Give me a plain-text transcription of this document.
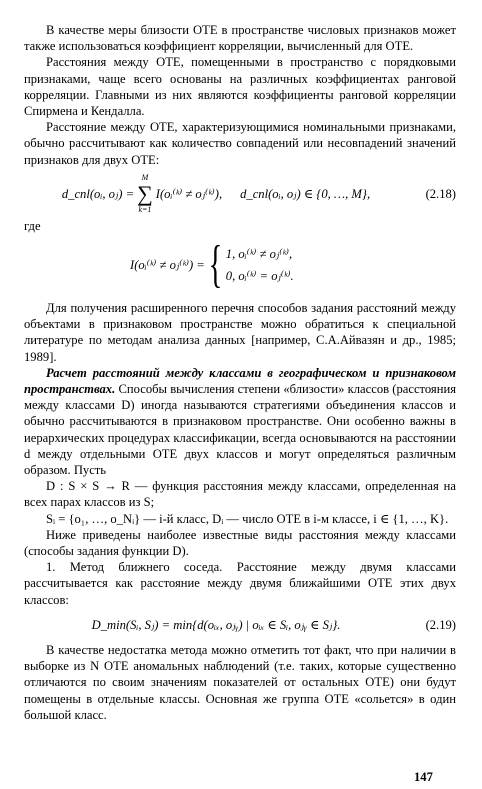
В качестве меры близости ОТЕ в пространстве числовых признаков может также использоваться коэффициент корреляции, вычисленный для ОТЕ.

Расстояния между ОТЕ, помещенными в пространство с порядковыми признаками, чаще всего основаны на различных коэффициентах ранговой корреляции. Главными из них являются коэффициенты ранговой корреляции Спирмена и Кендалла.

Расстояние между ОТЕ, характеризующимися номинальными признаками, обычно рассчитывают как количество совпадений или несовпадений значений признаков для двух ОТЕ:

d_cnl(oᵢ, oⱼ) =
M
∑
k=1
I(oᵢ⁽ᵏ⁾ ≠ oⱼ⁽ᵏ⁾), d_cnl(oᵢ, oⱼ) ∈ {0, …, M},	(2.18)

где

I(oᵢ⁽ᵏ⁾ ≠ oⱼ⁽ᵏ⁾) = { 1, oᵢ⁽ᵏ⁾ ≠ oⱼ⁽ᵏ⁾,
0, oᵢ⁽ᵏ⁾ = oⱼ⁽ᵏ⁾.

Для получения расширенного перечня способов задания расстояний между объектами в признаковом пространстве можно обратиться к специальной литературе по методам анализа данных [например, С.А.Айвазян и др., 1985; 1989].

Расчет расстояний между классами в географическом и признаковом пространствах. Способы вычисления степени «близости» классов (расстояния между классами D) иногда называются стратегиями объединения классов и обычно рассчитываются в признаковом пространстве. Они особенно важны в иерархических процедурах классификации, всегда основываются на расстоянии d между отдельными ОТЕ двух классов и могут определяться различным образом. Пусть

D : S × S → R — функция расстояния между классами, определенная на всех парах классов из S;

Sᵢ = {o₁, …, o_Nᵢ} — i-й класс, Dᵢ — число ОТЕ в i-м классе, i ∈ {1, …, K}.

Ниже приведены наиболее известные виды расстояния между классами (способы задания функции D).

1. Метод ближнего соседа. Расстояние между двумя классами рассчитывается как расстояние между двумя ближайшими ОТЕ этих двух классов:

D_min(Sᵢ, Sⱼ) = min{d(oᵢₓ, oⱼᵧ) | oᵢₓ ∈ Sᵢ, oⱼᵧ ∈ Sⱼ}.	(2.19)

В качестве недостатка метода можно отметить тот факт, что при наличии в выборке из N ОТЕ аномальных наблюдений (т.е. таких, которые существенно отличаются по своим значениям показателей от остальных ОТЕ) они будут помещены в отдельные классы. Основная же группа ОТЕ «сольется» в один большой класс.

147
